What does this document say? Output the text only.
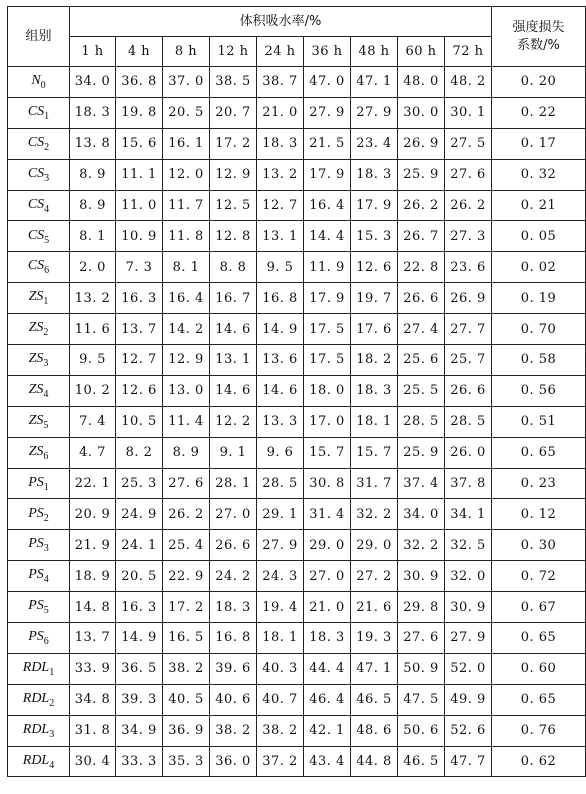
组别	体积吸水率/%									强度损失
系数/%

	1 h	4 h	8 h	12 h	24 h	36 h	48 h	60 h	72 h	
$N_0$	34. 0	36. 8	37. 0	38. 5	38. 7	47. 0	47. 1	48. 0	48. 2	0. 20
$CS_1$	18. 3	19. 8	20. 5	20. 7	21. 0	27. 9	27. 9	30. 0	30. 1	0. 22
$CS_2$	13. 8	15. 6	16. 1	17. 2	18. 3	21. 5	23. 4	26. 9	27. 5	0. 17
$CS_3$	8. 9	11. 1	12. 0	12. 9	13. 2	17. 9	18. 3	25. 9	27. 6	0. 32
$CS_4$	8. 9	11. 0	11. 7	12. 5	12. 7	16. 4	17. 9	26. 2	26. 2	0. 21
$CS_5$	8. 1	10. 9	11. 8	12. 8	13. 1	14. 4	15. 3	26. 7	27. 3	0. 05
$CS_6$	2. 0	7. 3	8. 1	8. 8	9. 5	11. 9	12. 6	22. 8	23. 6	0. 02
$ZS_1$	13. 2	16. 3	16. 4	16. 7	16. 8	17. 9	19. 7	26. 6	26. 9	0. 19
$ZS_2$	11. 6	13. 7	14. 2	14. 6	14. 9	17. 5	17. 6	27. 4	27. 7	0. 70
$ZS_3$	9. 5	12. 7	12. 9	13. 1	13. 6	17. 5	18. 2	25. 6	25. 7	0. 58
$ZS_4$	10. 2	12. 6	13. 0	14. 6	14. 6	18. 0	18. 3	25. 5	26. 6	0. 56
$ZS_5$	7. 4	10. 5	11. 4	12. 2	13. 3	17. 0	18. 1	28. 5	28. 5	0. 51
$ZS_6$	4. 7	8. 2	8. 9	9. 1	9. 6	15. 7	15. 7	25. 9	26. 0	0. 65
$PS_1$	22. 1	25. 3	27. 6	28. 1	28. 5	30. 8	31. 7	37. 4	37. 8	0. 23
$PS_2$	20. 9	24. 9	26. 2	27. 0	29. 1	31. 4	32. 2	34. 0	34. 1	0. 12
$PS_3$	21. 9	24. 1	25. 4	26. 6	27. 9	29. 0	29. 0	32. 2	32. 5	0. 30
$PS_4$	18. 9	20. 5	22. 9	24. 2	24. 3	27. 0	27. 2	30. 9	32. 0	0. 72
$PS_5$	14. 8	16. 3	17. 2	18. 3	19. 4	21. 0	21. 6	29. 8	30. 9	0. 67
$PS_6$	13. 7	14. 9	16. 5	16. 8	18. 1	18. 3	19. 3	27. 6	27. 9	0. 65
$RDL_1$	33. 9	36. 5	38. 2	39. 6	40. 3	44. 4	47. 1	50. 9	52. 0	0. 60
$RDL_2$	34. 8	39. 3	40. 5	40. 6	40. 7	46. 4	46. 5	47. 5	49. 9	0. 65
$RDL_3$	31. 8	34. 9	36. 9	38. 2	38. 2	42. 1	48. 6	50. 6	52. 6	0. 76
$RDL_4$	30. 4	33. 3	35. 3	36. 0	37. 2	43. 4	44. 8	46. 5	47. 7	0. 62
